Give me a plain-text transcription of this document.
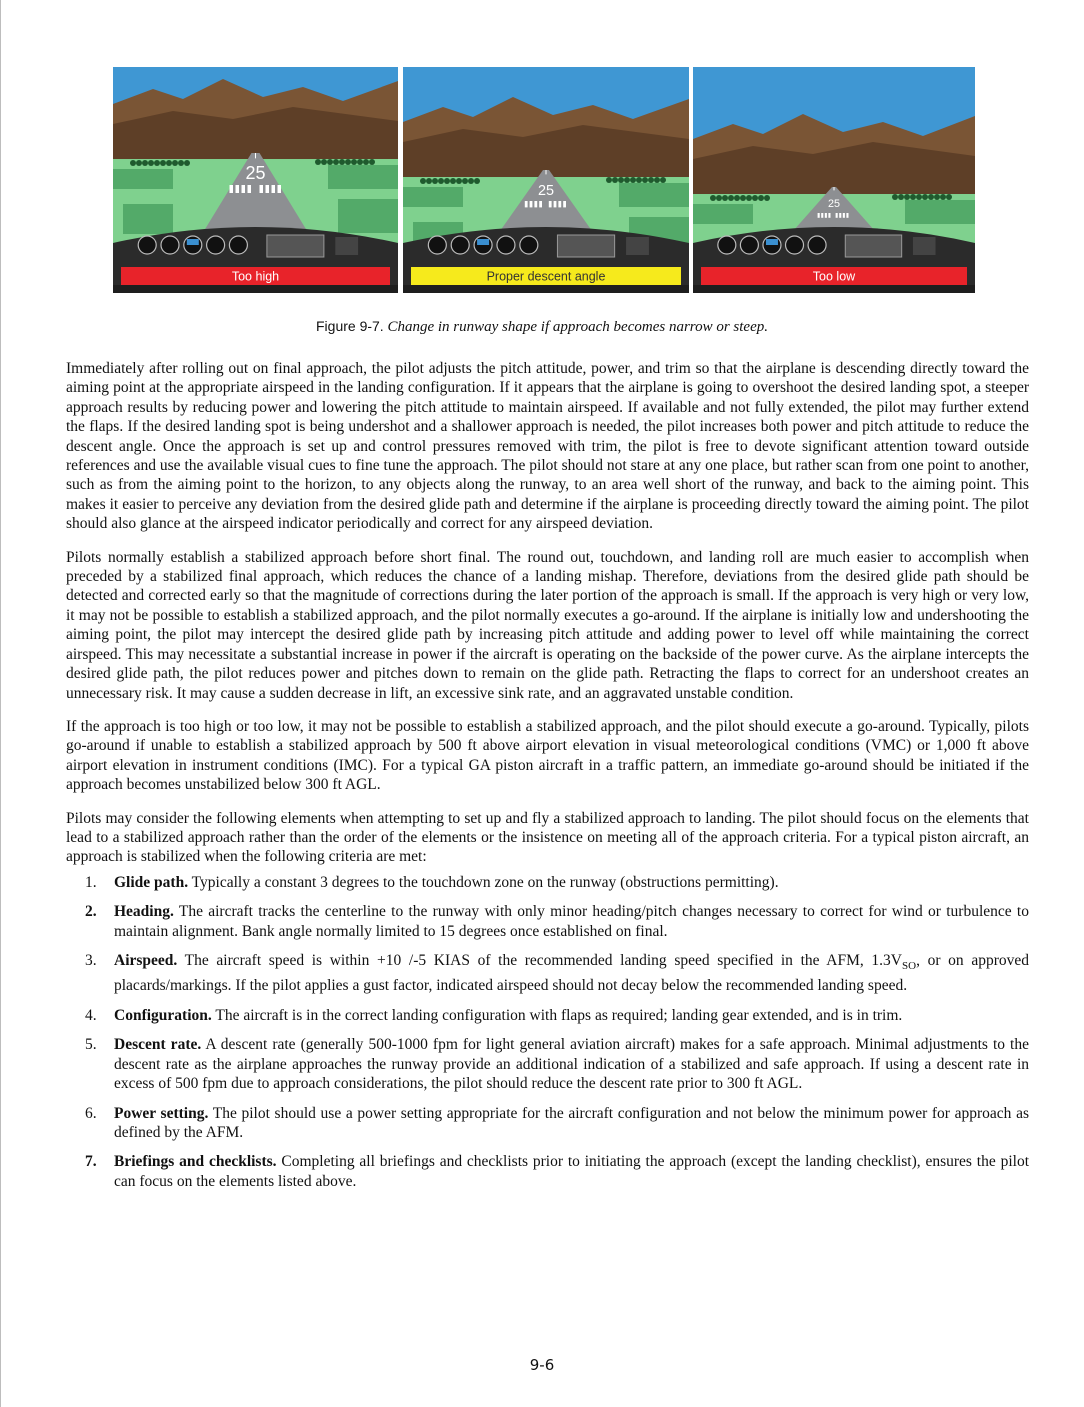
25
Too high
25
Proper descent angle
25
Too low
Figure 9-7. Change in runway shape if approach becomes narrow or steep.

Immediately after rolling out on final approach, the pilot adjusts the pitch attitude, power, and trim so that the airplane is descending directly toward the aiming point at the appropriate airspeed in the landing configuration. If it appears that the airplane is going to overshoot the desired landing spot, a steeper approach results by reducing power and lowering the pitch attitude to maintain airspeed. If available and not fully extended, the pilot may further extend the flaps. If the desired landing spot is being undershot and a shallower approach is needed, the pilot increases both power and pitch attitude to reduce the descent angle. Once the approach is set up and control pressures removed with trim, the pilot is free to devote significant attention toward outside references and use the available visual cues to fine tune the approach. The pilot should not stare at any one place, but rather scan from one point to another, such as from the aiming point to the horizon, to any objects along the runway, to an area well short of the runway, and back to the aiming point. This makes it easier to perceive any deviation from the desired glide path and determine if the airplane is proceeding directly toward the aiming point. The pilot should also glance at the airspeed indicator periodically and correct for any airspeed deviation.

Pilots normally establish a stabilized approach before short final. The round out, touchdown, and landing roll are much easier to accomplish when preceded by a stabilized final approach, which reduces the chance of a landing mishap. Therefore, deviations from the desired glide path should be detected and corrected early so that the magnitude of corrections during the later portion of the approach is small. If the approach is very high or very low, it may not be possible to establish a stabilized approach, and the pilot normally executes a go-around. If the airplane is initially low and undershooting the aiming point, the pilot may intercept the desired glide path by increasing pitch attitude and adding power to level off while maintaining the correct airspeed. This may necessitate a substantial increase in power if the aircraft is operating on the backside of the power curve. As the airplane intercepts the desired glide path, the pilot reduces power and pitches down to remain on the glide path. Retracting the flaps to correct for an undershoot creates an unnecessary risk. It may cause a sudden decrease in lift, an excessive sink rate, and an aggravated unstable condition.

If the approach is too high or too low, it may not be possible to establish a stabilized approach, and the pilot should execute a go-around. Typically, pilots go-around if unable to establish a stabilized approach by 500 ft above airport elevation in visual meteorological conditions (VMC) or 1,000 ft above airport elevation in instrument conditions (IMC). For a typical GA piston aircraft in a traffic pattern, an immediate go-around should be initiated if the approach becomes unstabilized below 300 ft AGL.

Pilots may consider the following elements when attempting to set up and fly a stabilized approach to landing. The pilot should focus on the elements that lead to a stabilized approach rather than the order of the elements or the insistence on meeting all of the approach criteria. For a typical piston aircraft, an approach is stabilized when the following criteria are met:

1. Glide path. Typically a constant 3 degrees to the touchdown zone on the runway (obstructions permitting).
2. Heading. The aircraft tracks the centerline to the runway with only minor heading/pitch changes necessary to correct for wind or turbulence to maintain alignment. Bank angle normally limited to 15 degrees once established on final.
3. Airspeed. The aircraft speed is within +10 /-5 KIAS of the recommended landing speed specified in the AFM, $1.3V_{SO}$, or on approved placards/markings. If the pilot applies a gust factor, indicated airspeed should not decay below the recommended landing speed.
4. Configuration. The aircraft is in the correct landing configuration with flaps as required; landing gear extended, and is in trim.
5. Descent rate. A descent rate (generally 500-1000 fpm for light general aviation aircraft) makes for a safe approach. Minimal adjustments to the descent rate as the airplane approaches the runway provide an additional indication of a stabilized and safe approach. If using a descent rate in excess of 500 fpm due to approach considerations, the pilot should reduce the descent rate prior to 300 ft AGL.
6. Power setting. The pilot should use a power setting appropriate for the aircraft configuration and not below the minimum power for approach as defined by the AFM.
7. Briefings and checklists. Completing all briefings and checklists prior to initiating the approach (except the landing checklist), ensures the pilot can focus on the elements listed above.
9-6
